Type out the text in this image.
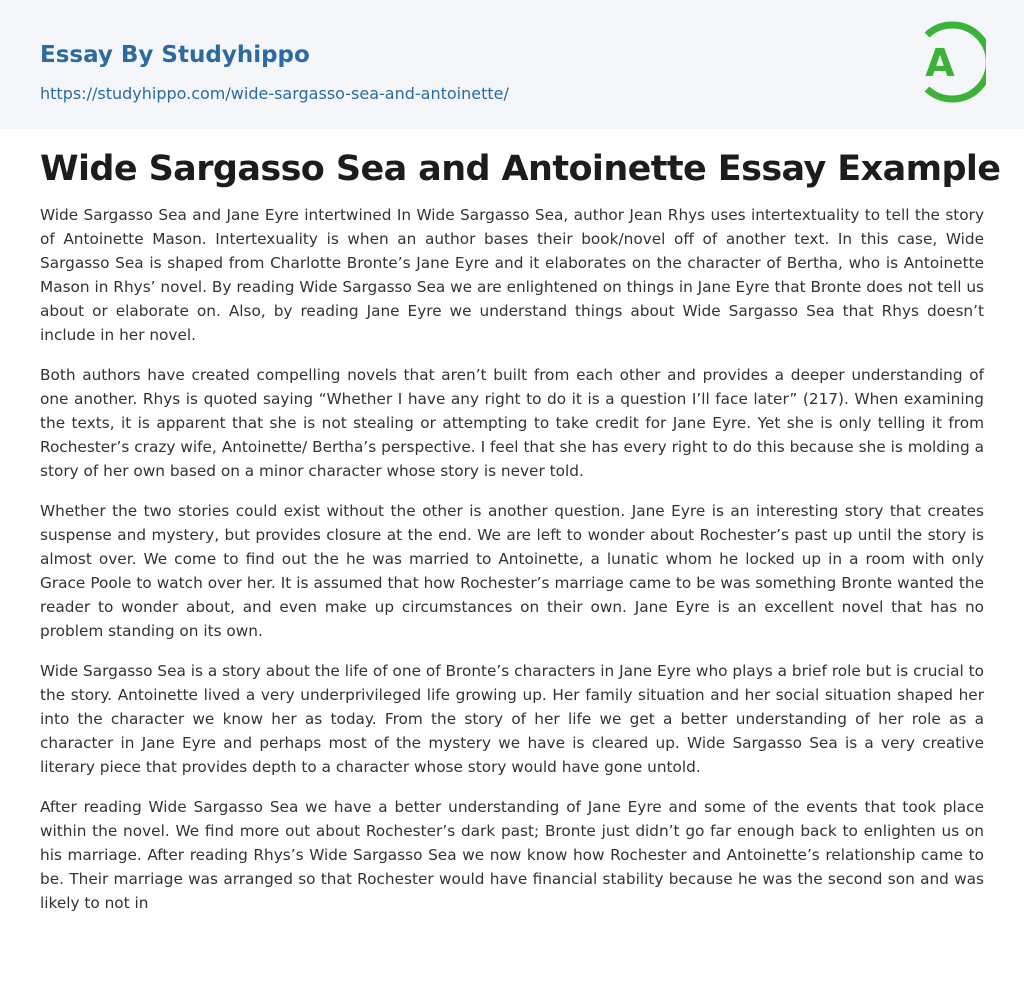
Essay By Studyhippo
https://studyhippo.com/wide-sargasso-sea-and-antoinette/
A
Wide Sargasso Sea and Antoinette Essay Example

Wide Sargasso Sea and Jane Eyre intertwined In Wide Sargasso Sea, author Jean Rhys uses intertextuality to tell the story of Antoinette Mason. Intertexuality is when an author bases their book/novel off of another text. In this case, Wide Sargasso Sea is shaped from Charlotte Bronte’s Jane Eyre and it elaborates on the character of Bertha, who is Antoinette Mason in Rhys’ novel. By reading Wide Sargasso Sea we are enlightened on things in Jane Eyre that Bronte does not tell us about or elaborate on. Also, by reading Jane Eyre we understand things about Wide Sargasso Sea that Rhys doesn’t include in her novel.

Both authors have created compelling novels that aren’t built from each other and provides a deeper understanding of one another. Rhys is quoted saying “Whether I have any right to do it is a question I’ll face later” (217). When examining the texts, it is apparent that she is not stealing or attempting to take credit for Jane Eyre. Yet she is only telling it from Rochester’s crazy wife, Antoinette/ Bertha’s perspective. I feel that she has every right to do this because she is molding a story of her own based on a minor character whose story is never told.

Whether the two stories could exist without the other is another question. Jane Eyre is an interesting story that creates suspense and mystery, but provides closure at the end. We are left to wonder about Rochester’s past up until the story is almost over. We come to find out the he was married to Antoinette, a lunatic whom he locked up in a room with only Grace Poole to watch over her. It is assumed that how Rochester’s marriage came to be was something Bronte wanted the reader to wonder about, and even make up circumstances on their own. Jane Eyre is an excellent novel that has no problem standing on its own.

Wide Sargasso Sea is a story about the life of one of Bronte’s characters in Jane Eyre who plays a brief role but is crucial to the story. Antoinette lived a very underprivileged life growing up. Her family situation and her social situation shaped her into the character we know her as today. From the story of her life we get a better understanding of her role as a character in Jane Eyre and perhaps most of the mystery we have is cleared up. Wide Sargasso Sea is a very creative literary piece that provides depth to a character whose story would have gone untold.

After reading Wide Sargasso Sea we have a better understanding of Jane Eyre and some of the events that took place within the novel. We find more out about Rochester’s dark past; Bronte just didn’t go far enough back to enlighten us on his marriage. After reading Rhys’s Wide Sargasso Sea we now know how Rochester and Antoinette’s relationship came to be. Their marriage was arranged so that Rochester would have financial stability because he was the second son and was likely to not in
